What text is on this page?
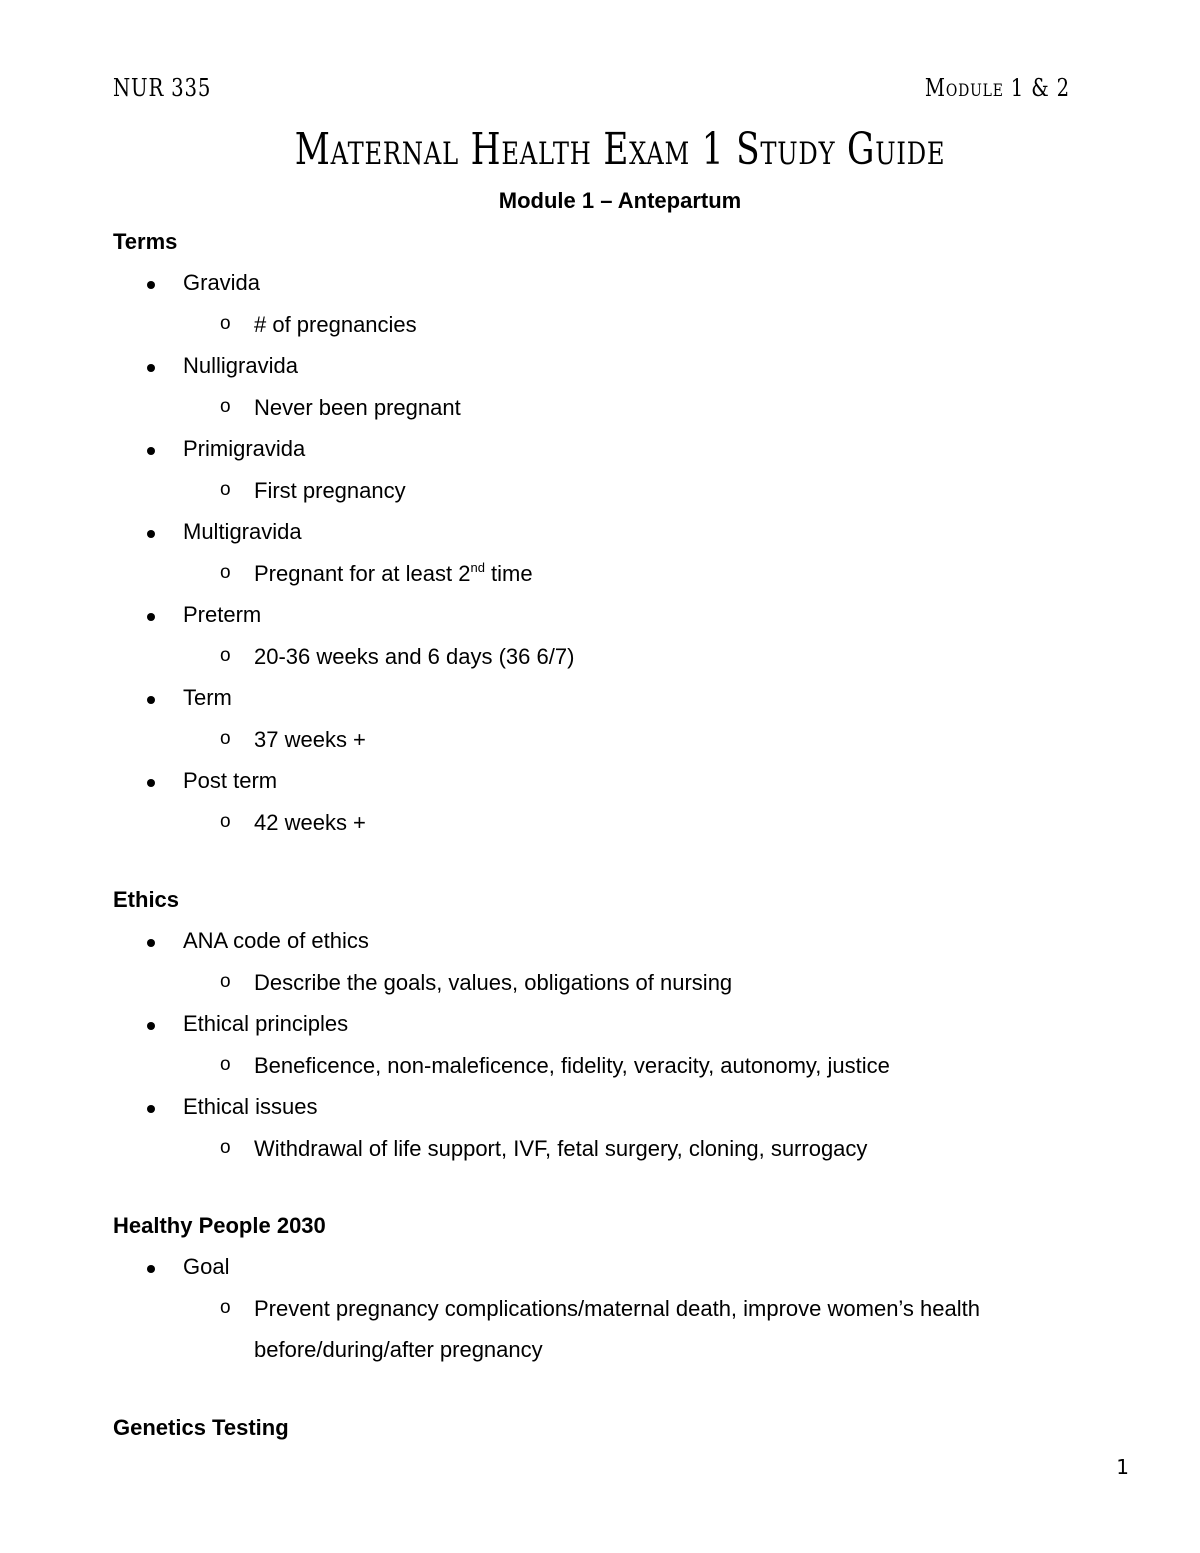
NUR 335	Module 1 & 2
Maternal Health Exam 1 Study Guide
Module 1 – Antepartum
Terms
Gravida
o # of pregnancies
Nulligravida
o Never been pregnant
Primigravida
o First pregnancy
Multigravida
o Pregnant for at least 2nd time
Preterm
o 20-36 weeks and 6 days (36 6/7)
Term
o 37 weeks +
Post term
o 42 weeks +
Ethics
ANA code of ethics
o Describe the goals, values, obligations of nursing
Ethical principles
o Beneficence, non-maleficence, fidelity, veracity, autonomy, justice
Ethical issues
o Withdrawal of life support, IVF, fetal surgery, cloning, surrogacy
Healthy People 2030
Goal
o Prevent pregnancy complications/maternal death, improve women’s health
before/during/after pregnancy
Genetics Testing
1
